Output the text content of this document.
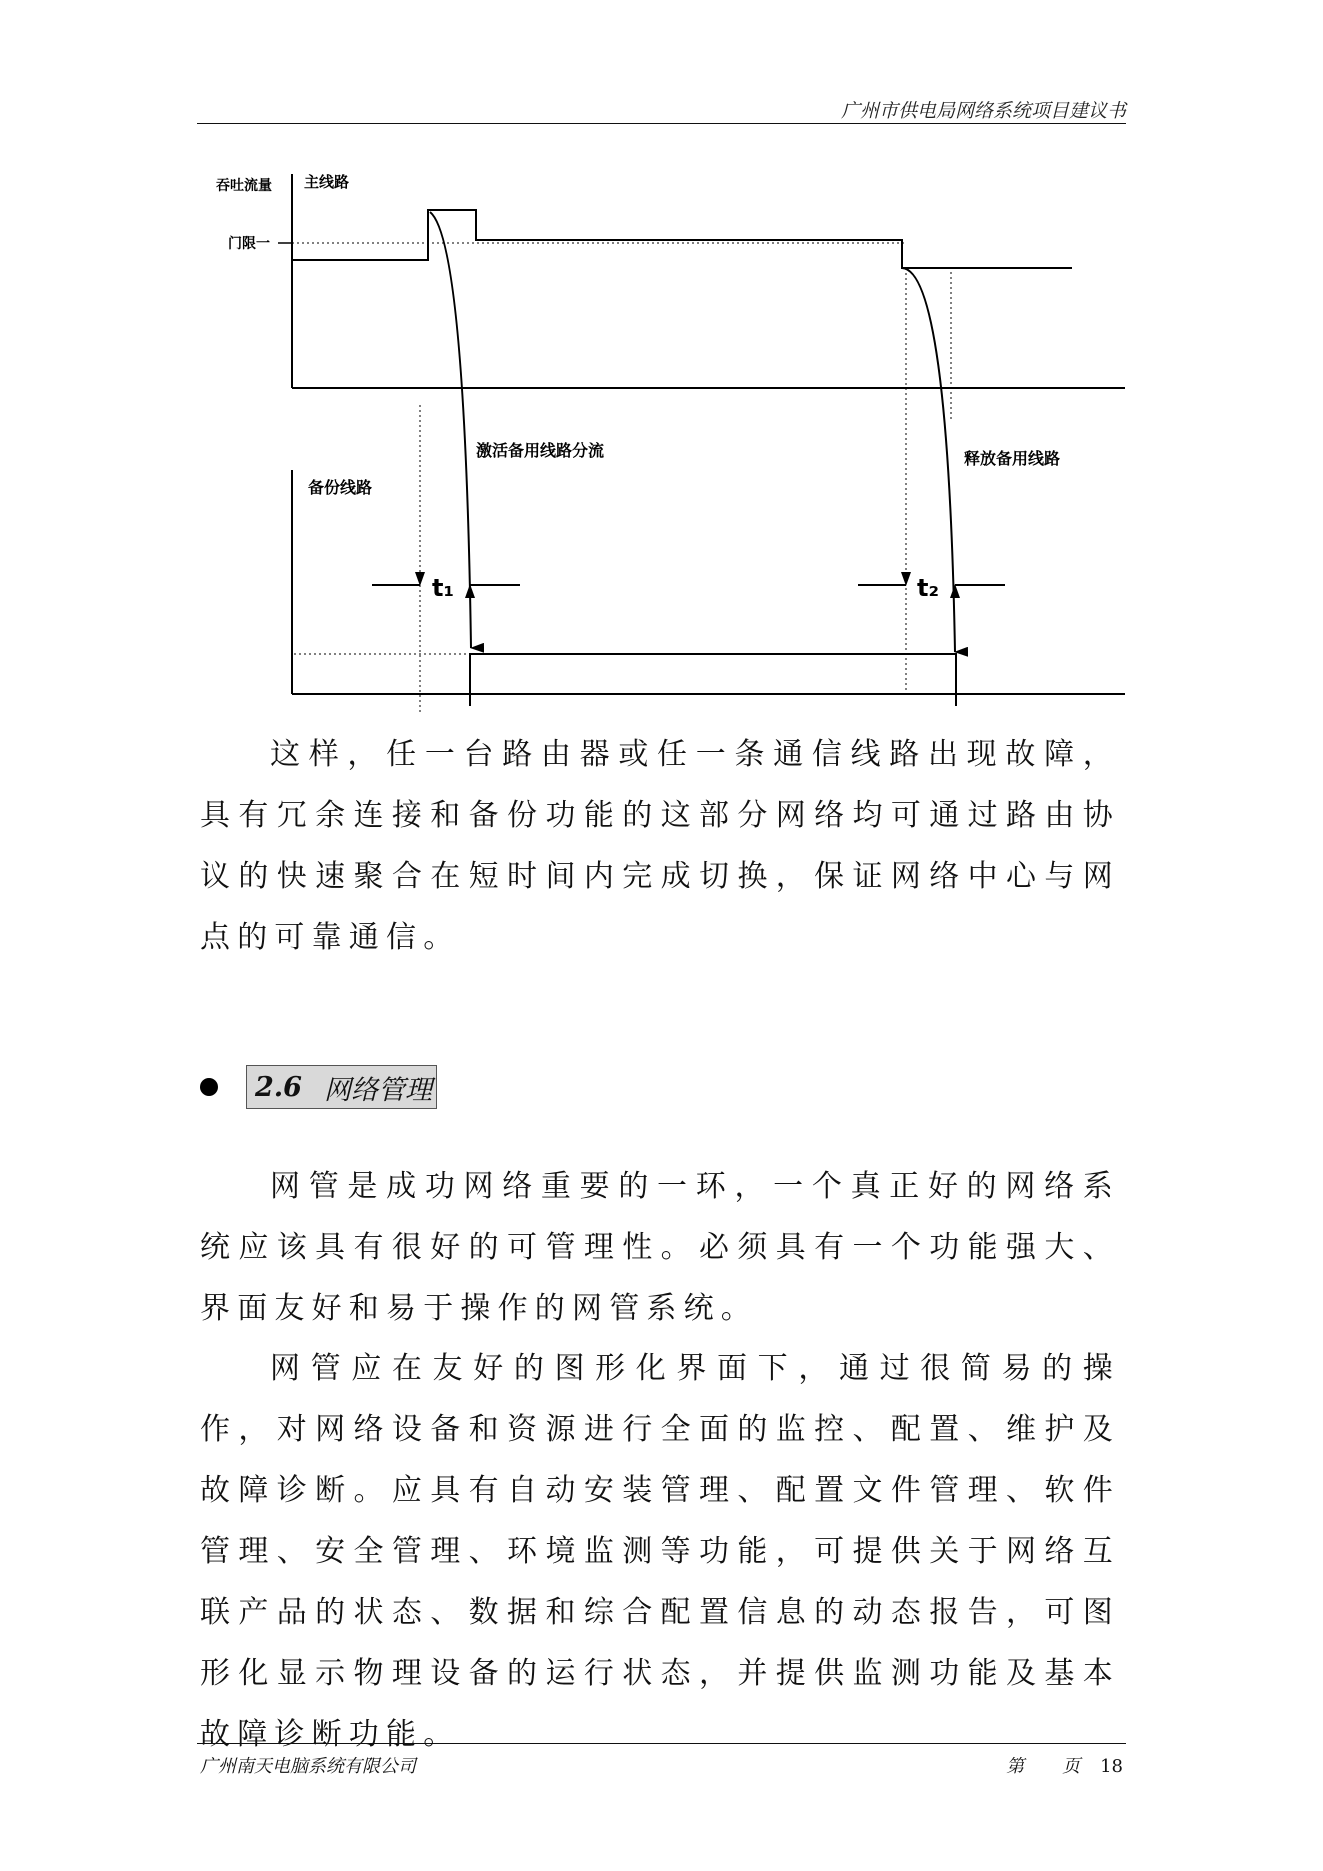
广州市供电局网络系统项目建议书
吞吐流量 主线路
门限一
激活备用线路分流	释放备用线路
备份线路
t₁	t₂

这样，任一台路由器或任一条通信线路出现故障，具有冗余连接和备份功能的这部分网络均可通过路由协议的快速聚合在短时间内完成切换，保证网络中心与网点的可靠通信。

2.6 网络管理

网管是成功网络重要的一环，一个真正好的网络系统应该具有很好的可管理性。必须具有一个功能强大、界面友好和易于操作的网管系统。

网管应在友好的图形化界面下，通过很简易的操作，对网络设备和资源进行全面的监控、配置、维护及故障诊断。应具有自动安装管理、配置文件管理、软件管理、安全管理、环境监测等功能，可提供关于网络互联产品的状态、数据和综合配置信息的动态报告，可图形化显示物理设备的运行状态，并提供监测功能及基本故障诊断功能。

广州南天电脑系统有限公司	第 页 18
